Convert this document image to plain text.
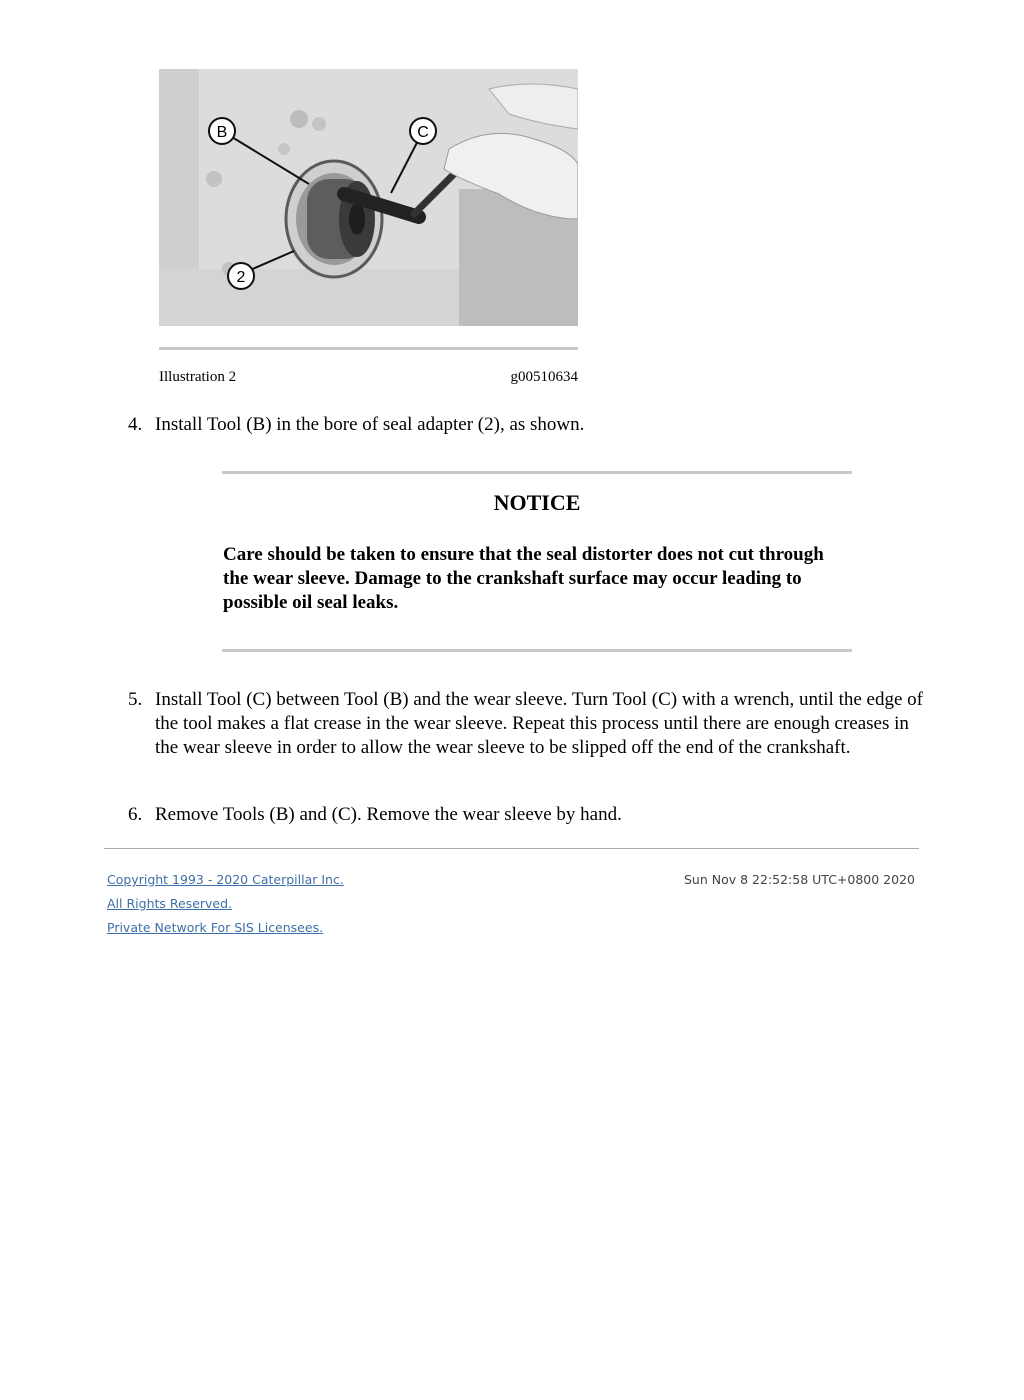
B	C
2
Illustration 2	g00510634
4. Install Tool (B) in the bore of seal adapter (2), as shown.
NOTICE
Care should be taken to ensure that the seal distorter does not cut through the wear sleeve. Damage to the crankshaft surface may occur leading to possible oil seal leaks.
5. Install Tool (C) between Tool (B) and the wear sleeve. Turn Tool (C) with a wrench, until the edge of the tool makes a flat crease in the wear sleeve. Repeat this process until there are enough creases in the wear sleeve in order to allow the wear sleeve to be slipped off the end of the crankshaft.
6. Remove Tools (B) and (C). Remove the wear sleeve by hand.
Copyright 1993 - 2020 Caterpillar Inc.
All Rights Reserved.
Private Network For SIS Licensees.
Sun Nov 8 22:52:58 UTC+0800 2020
